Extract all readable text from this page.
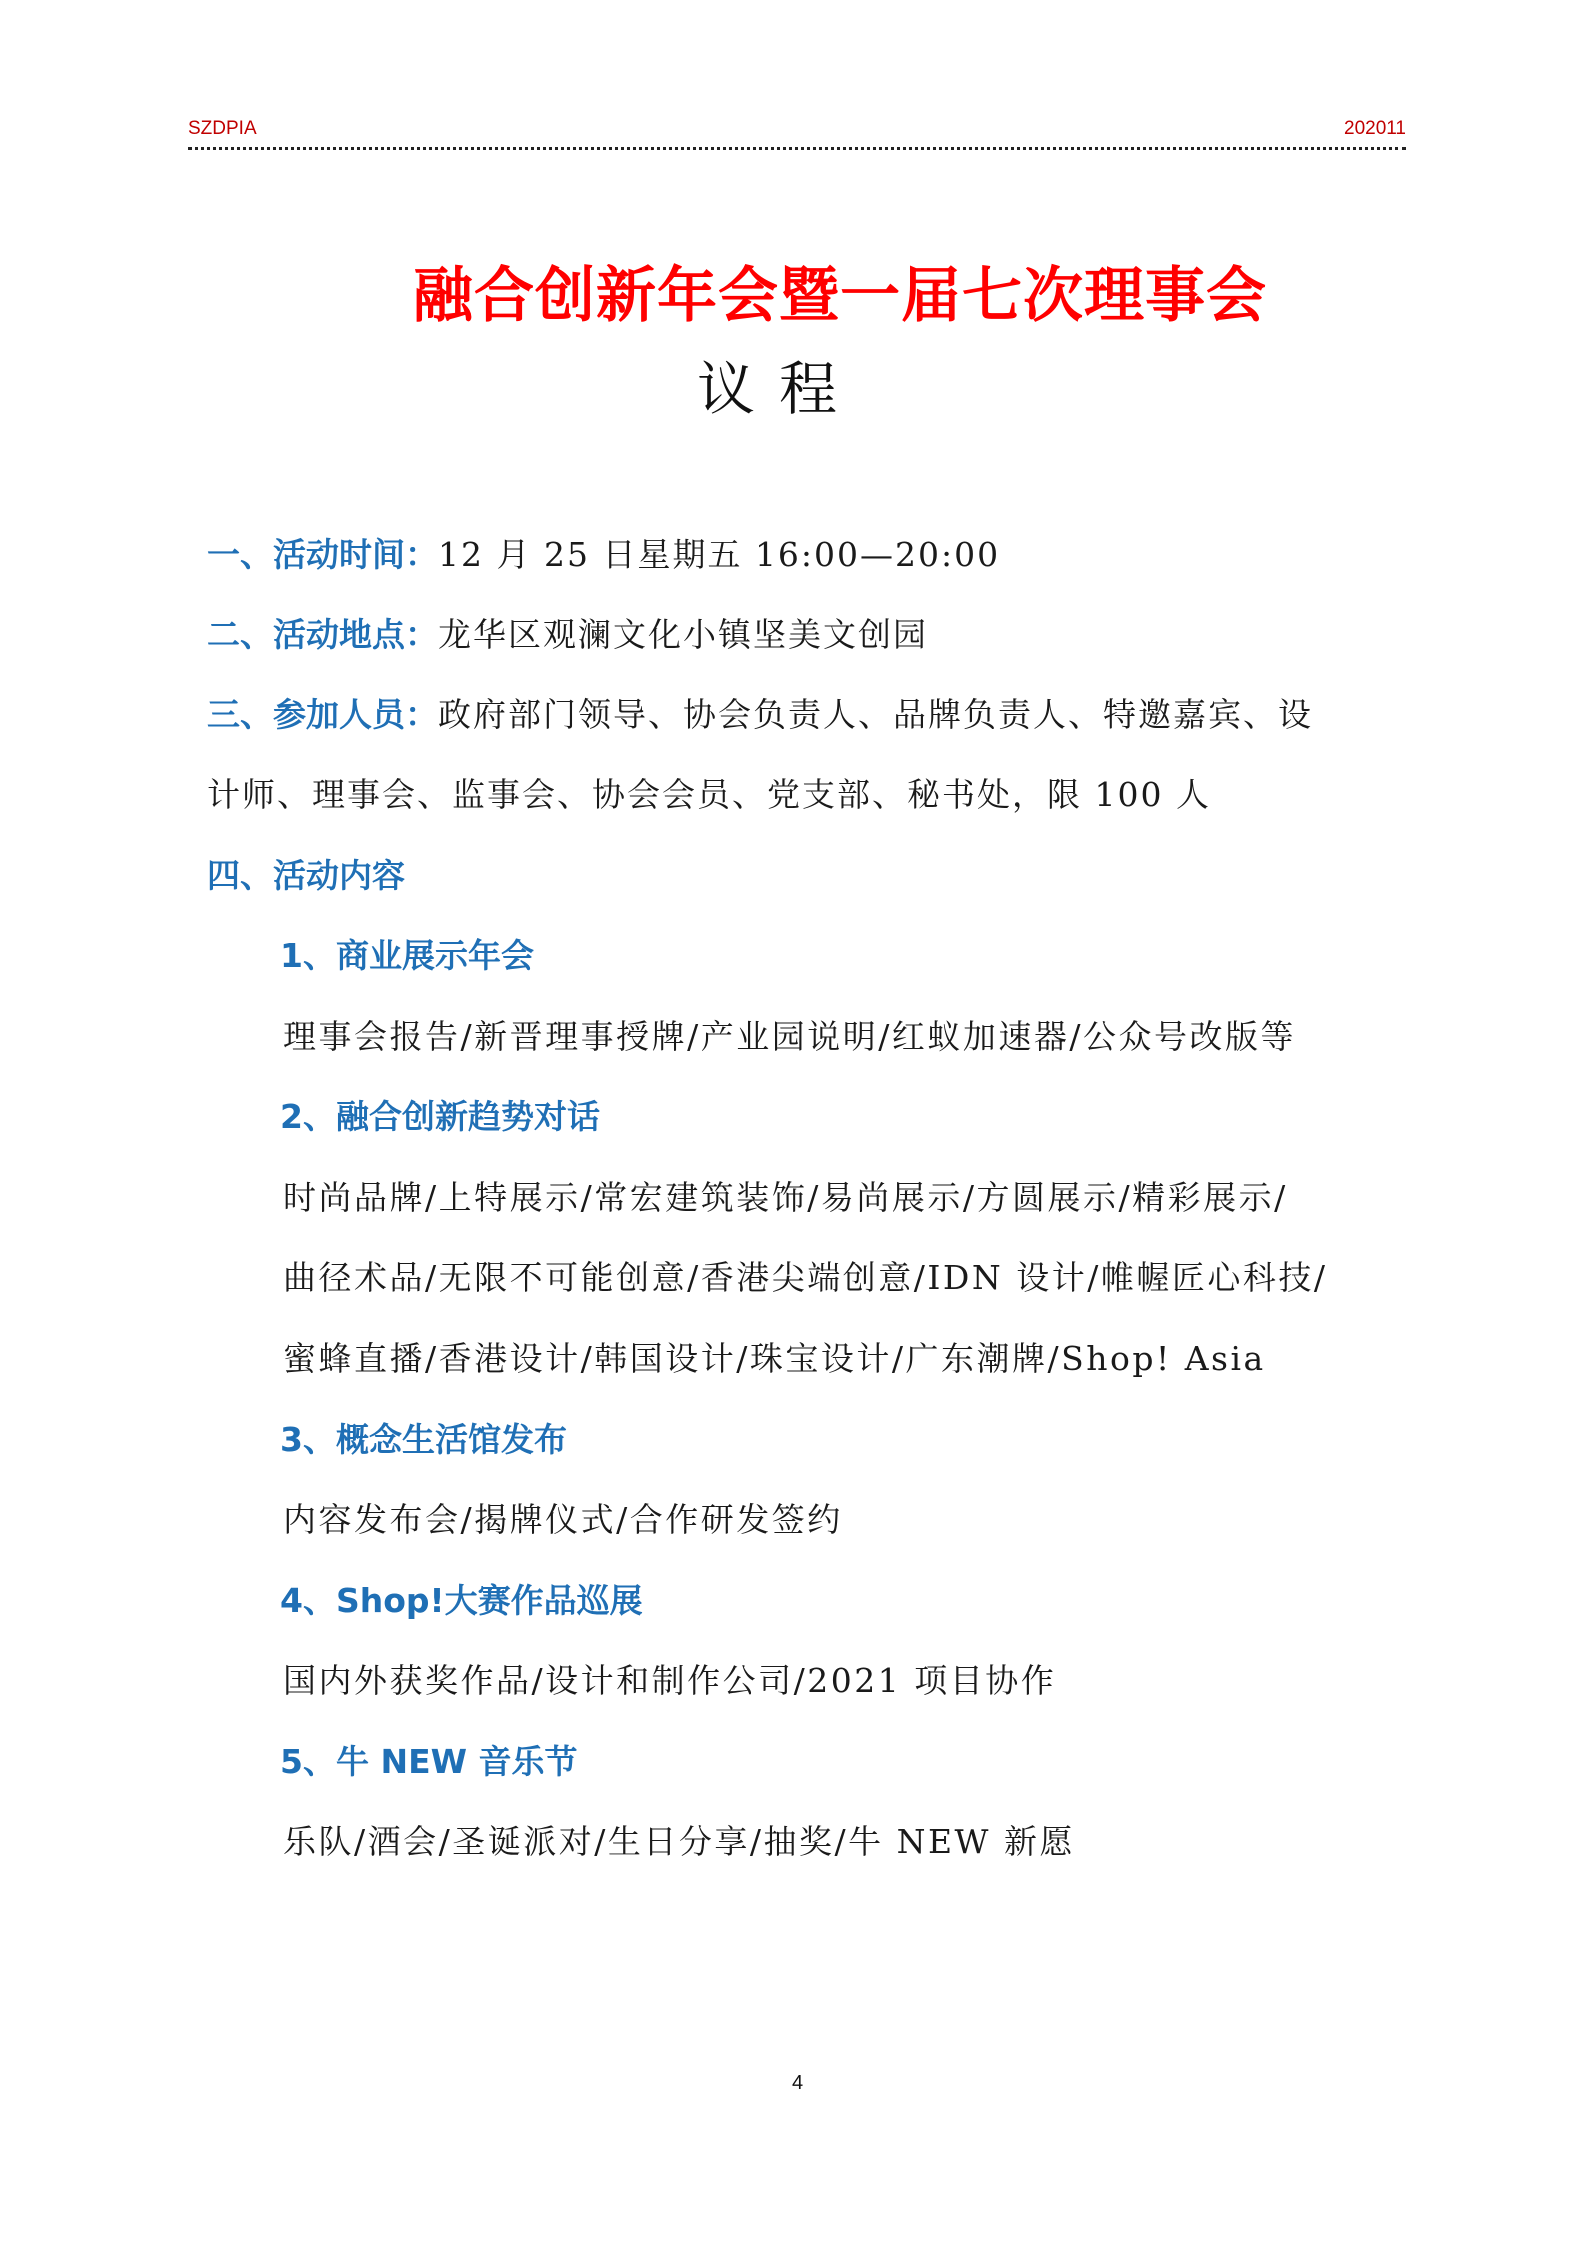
SZDPIA	202011
融合创新年会暨一届七次理事会
议程
一、活动时间：12 月 25 日星期五 16:00—20:00
二、活动地点：龙华区观澜文化小镇坚美文创园
三、参加人员：政府部门领导、协会负责人、品牌负责人、特邀嘉宾、设
计师、理事会、监事会、协会会员、党支部、秘书处，限 100 人
四、活动内容
1、商业展示年会
理事会报告/新晋理事授牌/产业园说明/红蚁加速器/公众号改版等
2、融合创新趋势对话
时尚品牌/上特展示/常宏建筑装饰/易尚展示/方圆展示/精彩展示/
曲径术品/无限不可能创意/香港尖端创意/IDN 设计/帷幄匠心科技/
蜜蜂直播/香港设计/韩国设计/珠宝设计/广东潮牌/Shop! Asia
3、概念生活馆发布
内容发布会/揭牌仪式/合作研发签约
4、Shop!大赛作品巡展
国内外获奖作品/设计和制作公司/2021 项目协作
5、牛 NEW 音乐节
乐队/酒会/圣诞派对/生日分享/抽奖/牛 NEW 新愿
4
